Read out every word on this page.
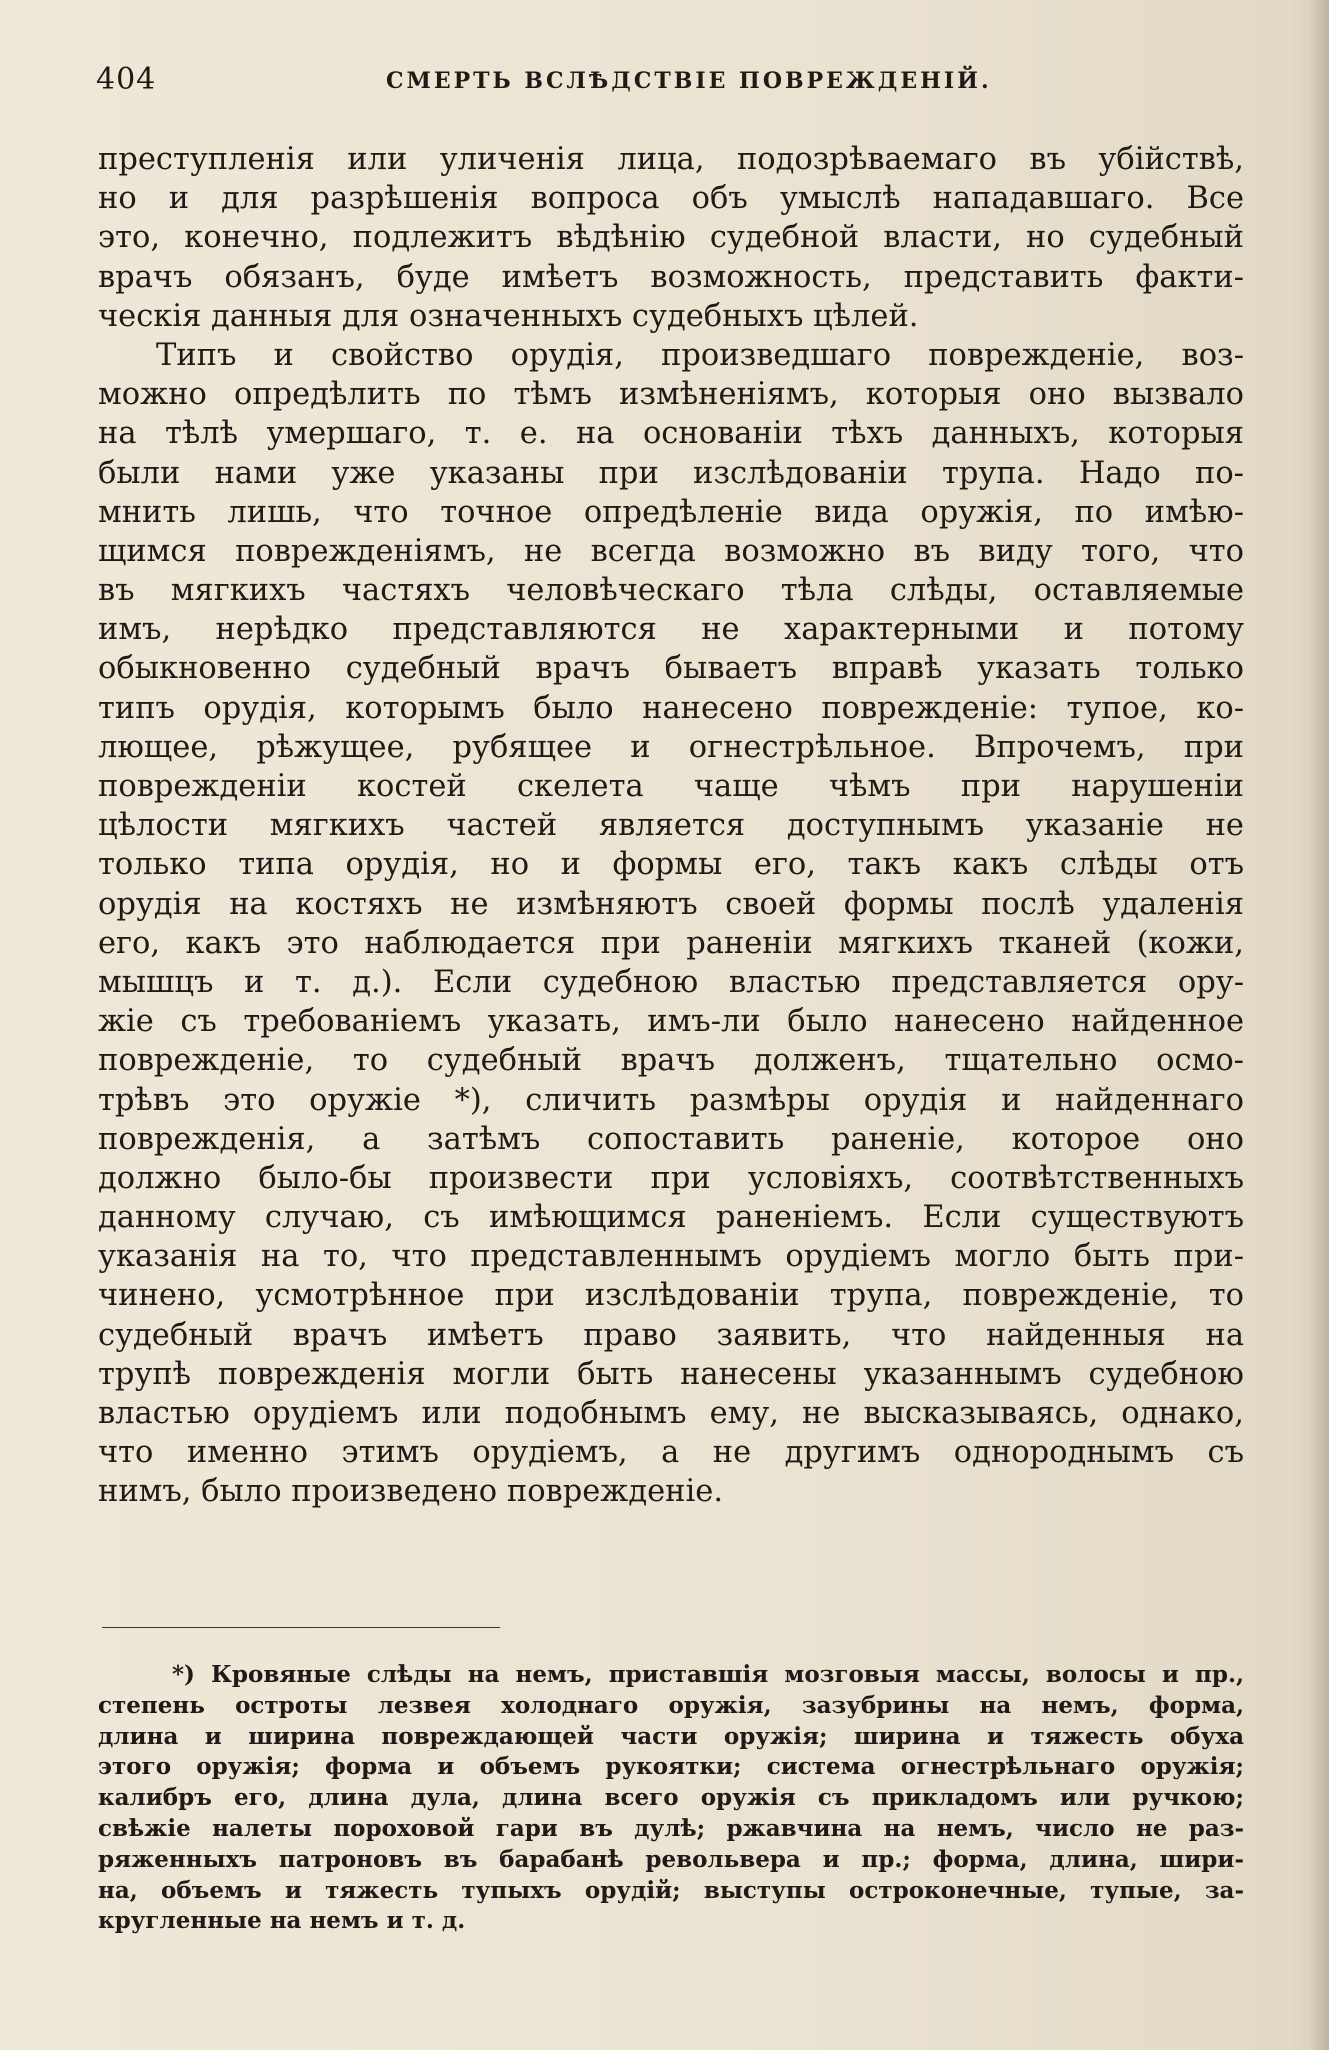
404	СМЕРТЬ ВСЛѢДСТВІЕ ПОВРЕЖДЕНІЙ.
преступленія или уличенія лица, подозрѣваемаго въ убійствѣ,
но и для разрѣшенія вопроса объ умыслѣ нападавшаго. Все
это, конечно, подлежитъ вѣдѣнію судебной власти, но судебный
врачъ обязанъ, буде имѣетъ возможность, представить факти-
ческія данныя для означенныхъ судебныхъ цѣлей.
Типъ и свойство орудія, произведшаго поврежденіе, воз-
можно опредѣлить по тѣмъ измѣненіямъ, которыя оно вызвало
на тѣлѣ умершаго, т. е. на основаніи тѣхъ данныхъ, которыя
были нами уже указаны при изслѣдованіи трупа. Надо по-
мнить лишь, что точное опредѣленіе вида оружія, по имѣю-
щимся поврежденіямъ, не всегда возможно въ виду того, что
въ мягкихъ частяхъ человѣческаго тѣла слѣды, оставляемые
имъ, нерѣдко представляются не характерными и потому
обыкновенно судебный врачъ бываетъ вправѣ указать только
типъ орудія, которымъ было нанесено поврежденіе: тупое, ко-
лющее, рѣжущее, рубящее и огнестрѣльное. Впрочемъ, при
поврежденіи костей скелета чаще чѣмъ при нарушеніи
цѣлости мягкихъ частей является доступнымъ указаніе не
только типа орудія, но и формы его, такъ какъ слѣды отъ
орудія на костяхъ не измѣняютъ своей формы послѣ удаленія
его, какъ это наблюдается при раненіи мягкихъ тканей (кожи,
мышцъ и т. д.). Если судебною властью представляется ору-
жіе съ требованіемъ указать, имъ-ли было нанесено найденное
поврежденіе, то судебный врачъ долженъ, тщательно осмо-
трѣвъ это оружіе *), сличить размѣры орудія и найденнаго
поврежденія, а затѣмъ сопоставить раненіе, которое оно
должно было-бы произвести при условіяхъ, соотвѣтственныхъ
данному случаю, съ имѣющимся раненіемъ. Если существуютъ
указанія на то, что представленнымъ орудіемъ могло быть при-
чинено, усмотрѣнное при изслѣдованіи трупа, поврежденіе, то
судебный врачъ имѣетъ право заявить, что найденныя на
трупѣ поврежденія могли быть нанесены указаннымъ судебною
властью орудіемъ или подобнымъ ему, не высказываясь, однако,
что именно этимъ орудіемъ, а не другимъ однороднымъ съ
нимъ, было произведено поврежденіе.
*) Кровяные слѣды на немъ, приставшія мозговыя массы, волосы и пр.,
степень остроты лезвея холоднаго оружія, зазубрины на немъ, форма,
длина и ширина повреждающей части оружія; ширина и тяжесть обуха
этого оружія; форма и объемъ рукоятки; система огнестрѣльнаго оружія;
калибръ его, длина дула, длина всего оружія съ прикладомъ или ручкою;
свѣжіе налеты пороховой гари въ дулѣ; ржавчина на немъ, число не раз-
ряженныхъ патроновъ въ барабанѣ револьвера и пр.; форма, длина, шири-
на, объемъ и тяжесть тупыхъ орудій; выступы остроконечные, тупые, за-
кругленные на немъ и т. д.
